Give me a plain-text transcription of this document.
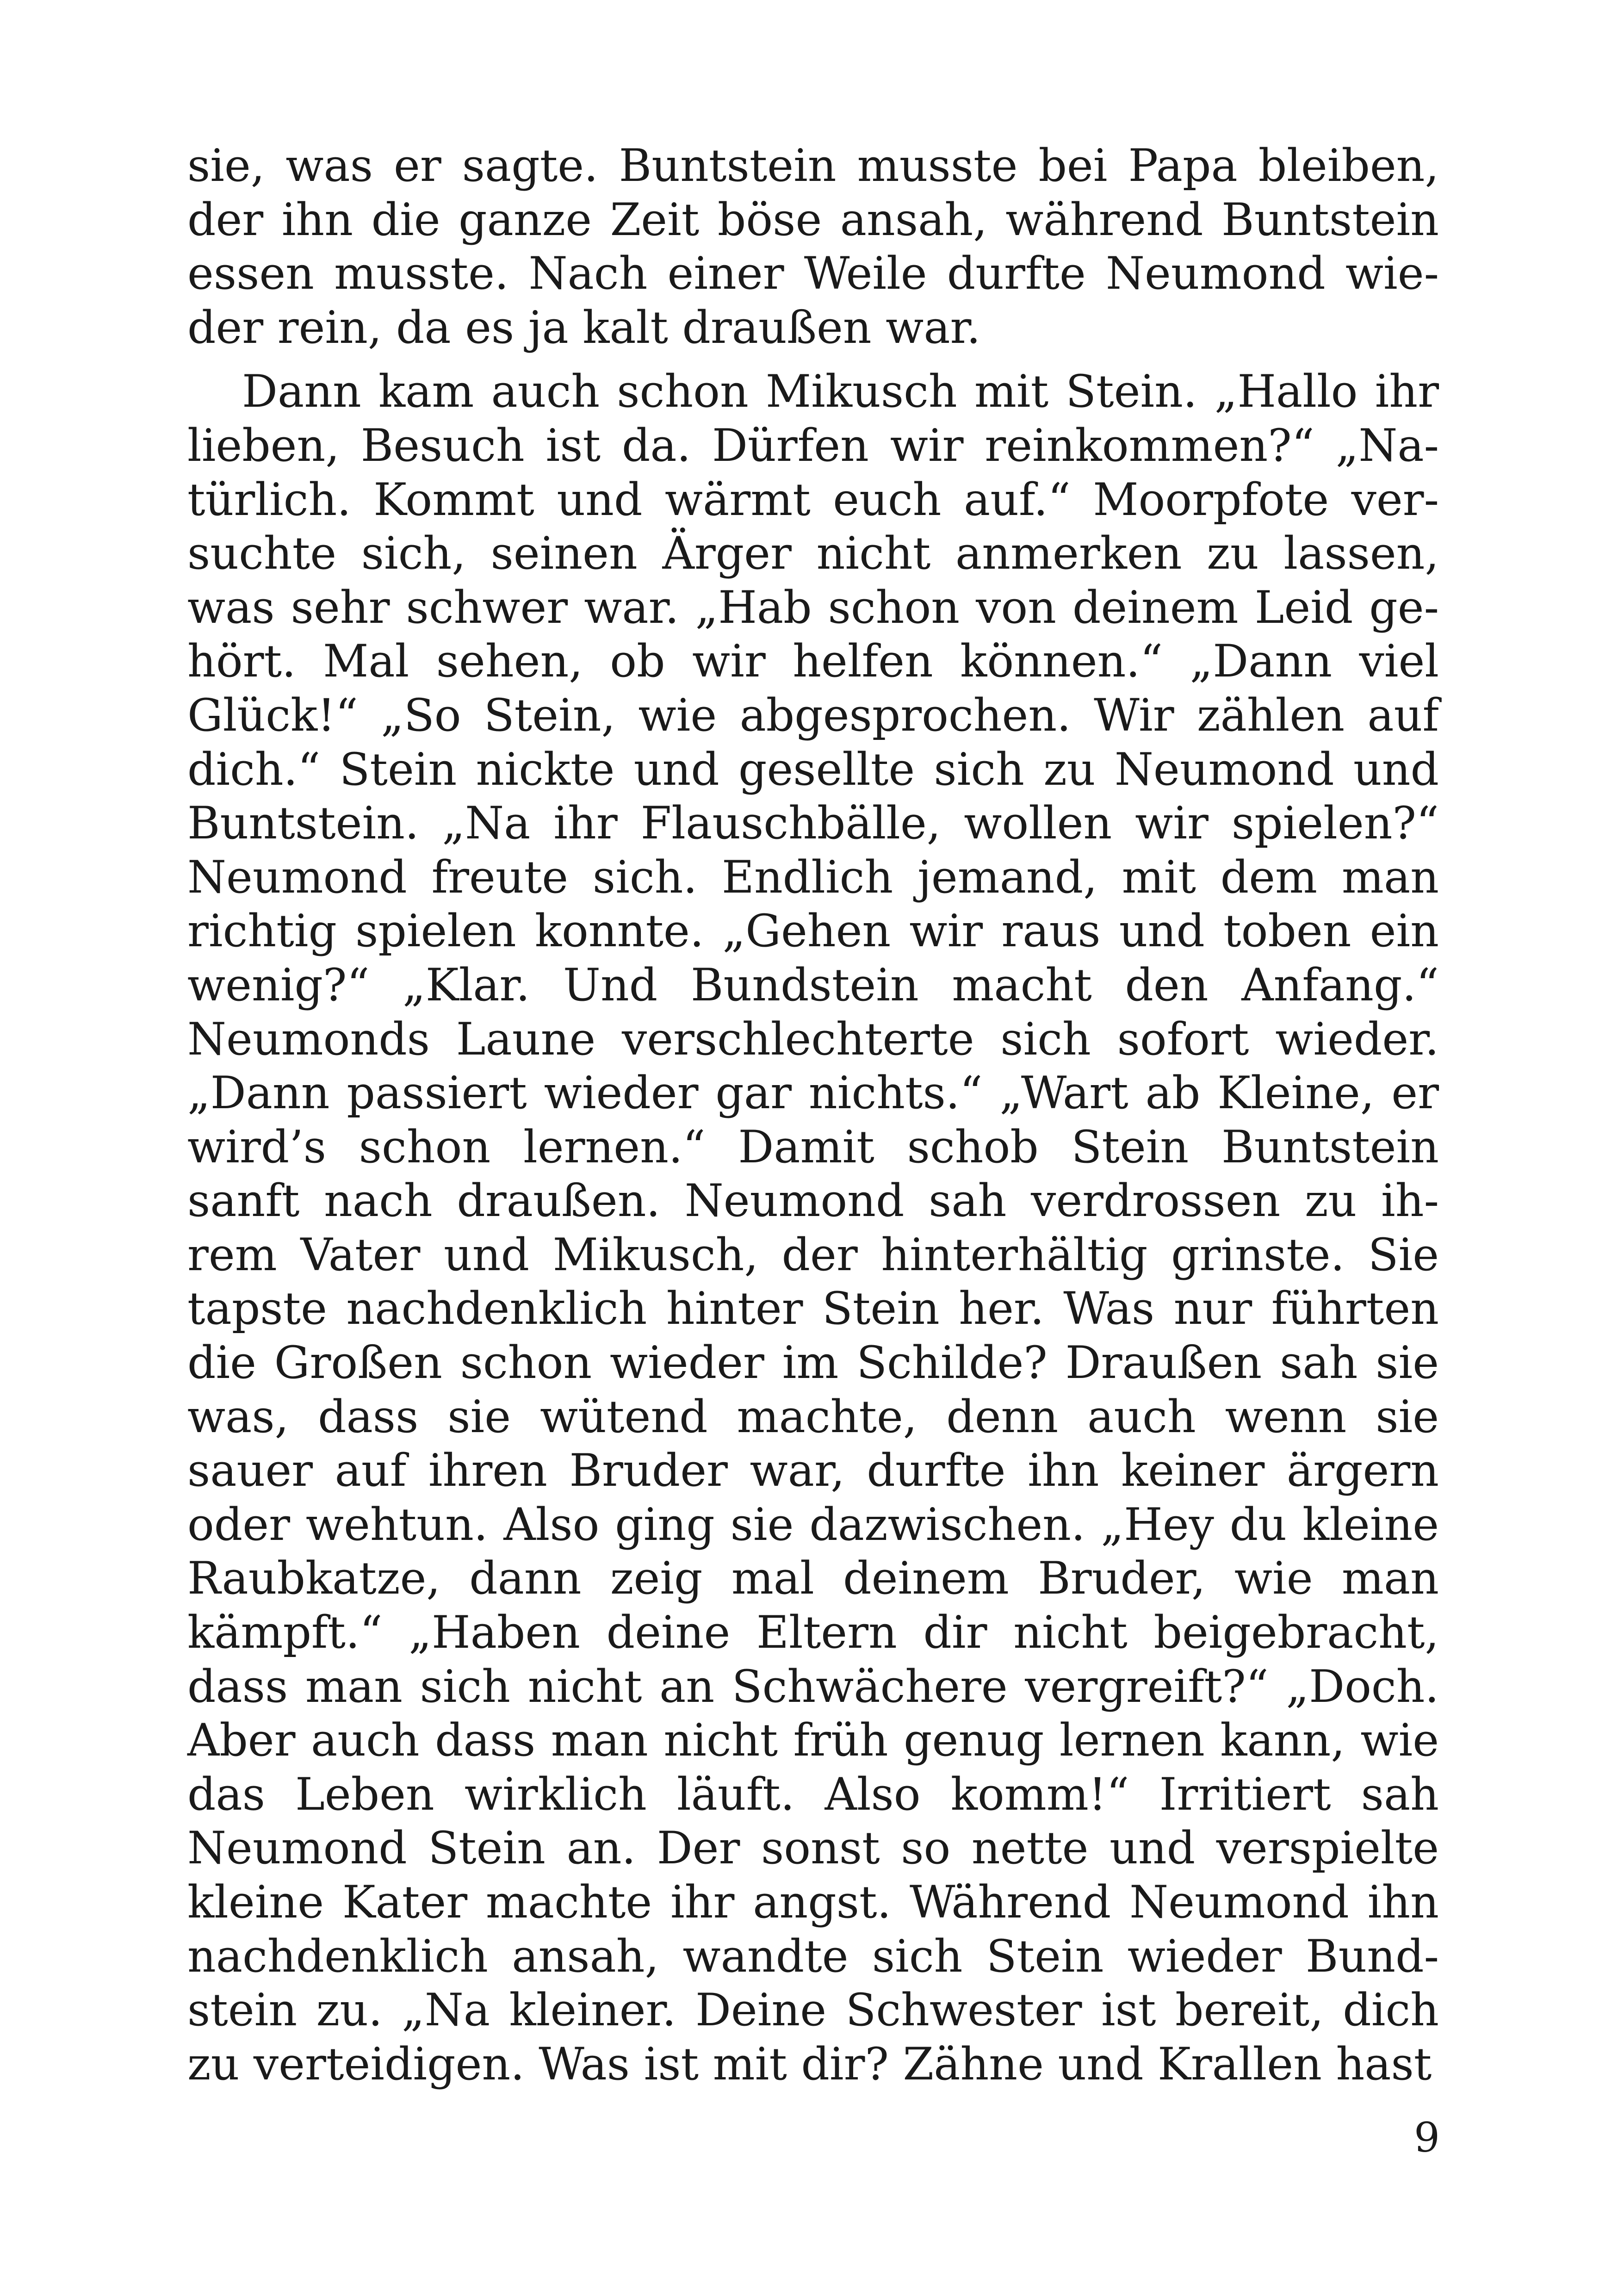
sie, was er sagte. Buntstein musste bei Papa bleiben, der ihn die ganze Zeit böse ansah, während Buntstein essen musste. Nach einer Weile durfte Neumond wieder rein, da es ja kalt draußen war.

Dann kam auch schon Mikusch mit Stein. „Hallo ihr lieben, Besuch ist da. Dürfen wir reinkommen?“ „Natürlich. Kommt und wärmt euch auf.“ Moorpfote versuchte sich, seinen Ärger nicht anmerken zu lassen, was sehr schwer war. „Hab schon von deinem Leid gehört. Mal sehen, ob wir helfen können.“ „Dann viel Glück!“ „So Stein, wie abgesprochen. Wir zählen auf dich.“ Stein nickte und gesellte sich zu Neumond und Buntstein. „Na ihr Flauschbälle, wollen wir spielen?“ Neumond freute sich. Endlich jemand, mit dem man richtig spielen konnte. „Gehen wir raus und toben ein wenig?“ „Klar. Und Bundstein macht den Anfang.“ Neumonds Laune verschlechterte sich sofort wieder. „Dann passiert wieder gar nichts.“ „Wart ab Kleine, er wird’s schon lernen.“ Damit schob Stein Buntstein sanft nach draußen. Neumond sah verdrossen zu ihrem Vater und Mikusch, der hinterhältig grinste. Sie tapste nachdenklich hinter Stein her. Was nur führten die Großen schon wieder im Schilde? Draußen sah sie was, dass sie wütend machte, denn auch wenn sie sauer auf ihren Bruder war, durfte ihn keiner ärgern oder wehtun. Also ging sie dazwischen. „Hey du kleine Raubkatze, dann zeig mal deinem Bruder, wie man kämpft.“ „Haben deine Eltern dir nicht beigebracht, dass man sich nicht an Schwächere vergreift?“ „Doch. Aber auch dass man nicht früh genug lernen kann, wie das Leben wirklich läuft. Also komm!“ Irritiert sah Neumond Stein an. Der sonst so nette und verspielte kleine Kater machte ihr angst. Während Neumond ihn nachdenklich ansah, wandte sich Stein wieder Bundstein zu. „Na kleiner. Deine Schwester ist bereit, dich zu verteidigen. Was ist mit dir? Zähne und Krallen hast

9
